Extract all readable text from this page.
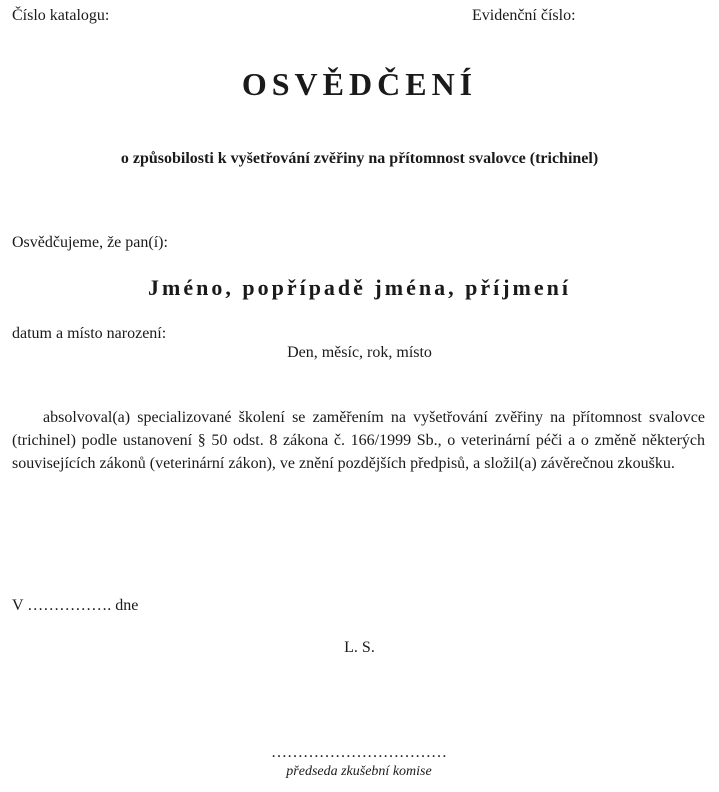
Číslo katalogu:	Evidenční číslo:
OSVĚDČENÍ
o způsobilosti k vyšetřování zvěřiny na přítomnost svalovce (trichinel)
Osvědčujeme, že pan(í):
Jméno, popřípadě jména, příjmení
datum a místo narození:
Den, měsíc, rok, místo
absolvoval(a) specializované školení se zaměřením na vyšetřování zvěřiny na přítomnost svalovce (trichinel) podle ustanovení § 50 odst. 8 zákona č. 166/1999 Sb., o veterinární péči a o změně některých souvisejících zákonů (veterinární zákon), ve znění pozdějších předpisů, a složil(a) závěrečnou zkoušku.
V ……………. dne
L. S.
……………………………
předseda zkušební komise
